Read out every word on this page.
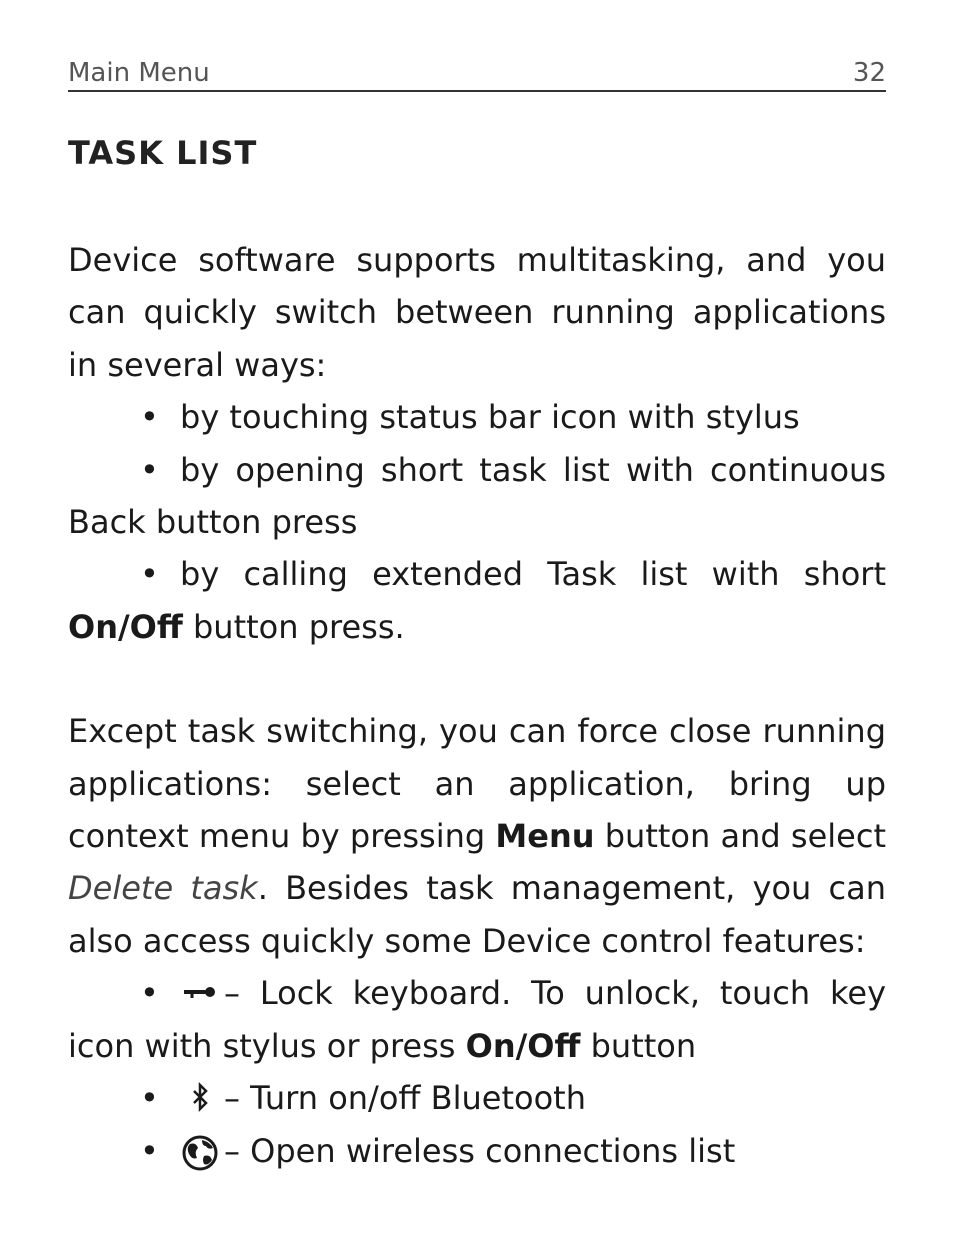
Main Menu	32
TASK LIST

Device software supports multitasking, and you can quickly switch between running applications in several ways:

• by touching status bar icon with stylus

• by opening short task list with continuous Back button press

• by calling extended Task list with short On/Off button press.

Except task switching, you can force close running applications: select an application, bring up context menu by pressing Menu button and select Delete task. Besides task management, you can also access quickly some Device control features:

• – Lock keyboard. To unlock, touch key icon with stylus or press On/Off button

• – Turn on/off Bluetooth

• – Open wireless connections list
